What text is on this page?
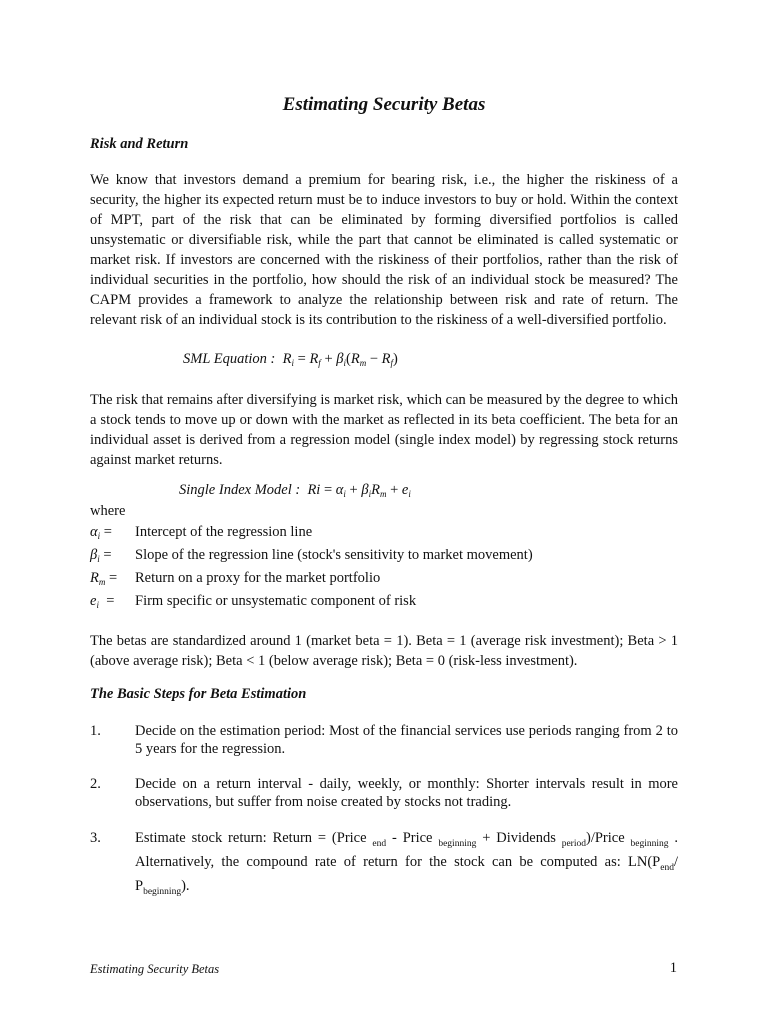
Estimating Security Betas
Risk and Return

We know that investors demand a premium for bearing risk, i.e., the higher the riskiness of a security, the higher its expected return must be to induce investors to buy or hold. Within the context of MPT, part of the risk that can be eliminated by forming diversified portfolios is called unsystematic or diversifiable risk, while the part that cannot be eliminated is called systematic or market risk. If investors are concerned with the riskiness of their portfolios, rather than the risk of individual securities in the portfolio, how should the risk of an individual stock be measured? The CAPM provides a framework to analyze the relationship between risk and rate of return. The relevant risk of an individual stock is its contribution to the riskiness of a well-diversified portfolio.

SML Equation :  $R_i = R_f + \beta_i(R_m - R_f)$

The risk that remains after diversifying is market risk, which can be measured by the degree to which a stock tends to move up or down with the market as reflected in its beta coefficient. The beta for an individual asset is derived from a regression model (single index model) by regressing stock returns against market returns.

Single Index Model :  $Ri = \alpha_i + \beta_iR_m + e_i$

where

$\alpha_i$ = Intercept of the regression line
$\beta_i$ = Slope of the regression line (stock's sensitivity to market movement)
$R_m$ = Return on a proxy for the market portfolio
$e_i$  = Firm specific or unsystematic component of risk

The betas are standardized around 1 (market beta = 1). Beta = 1 (average risk investment); Beta > 1 (above average risk); Beta < 1 (below average risk); Beta = 0 (risk-less investment).

The Basic Steps for Beta Estimation
1. Decide on the estimation period: Most of the financial services use periods ranging from 2 to 5 years for the regression.
2. Decide on a return interval - daily, weekly, or monthly: Shorter intervals result in more observations, but suffer from noise created by stocks not trading.
3. Estimate stock return: Return = (Price $_{end}$ - Price $_{beginning}$ + Dividends $_{period}$)/Price $_{beginning}$ . Alternatively, the compound rate of return for the stock can be computed as: $LN(P_{end}/$ $P_{beginning}$).
Estimating Security Betas	1
